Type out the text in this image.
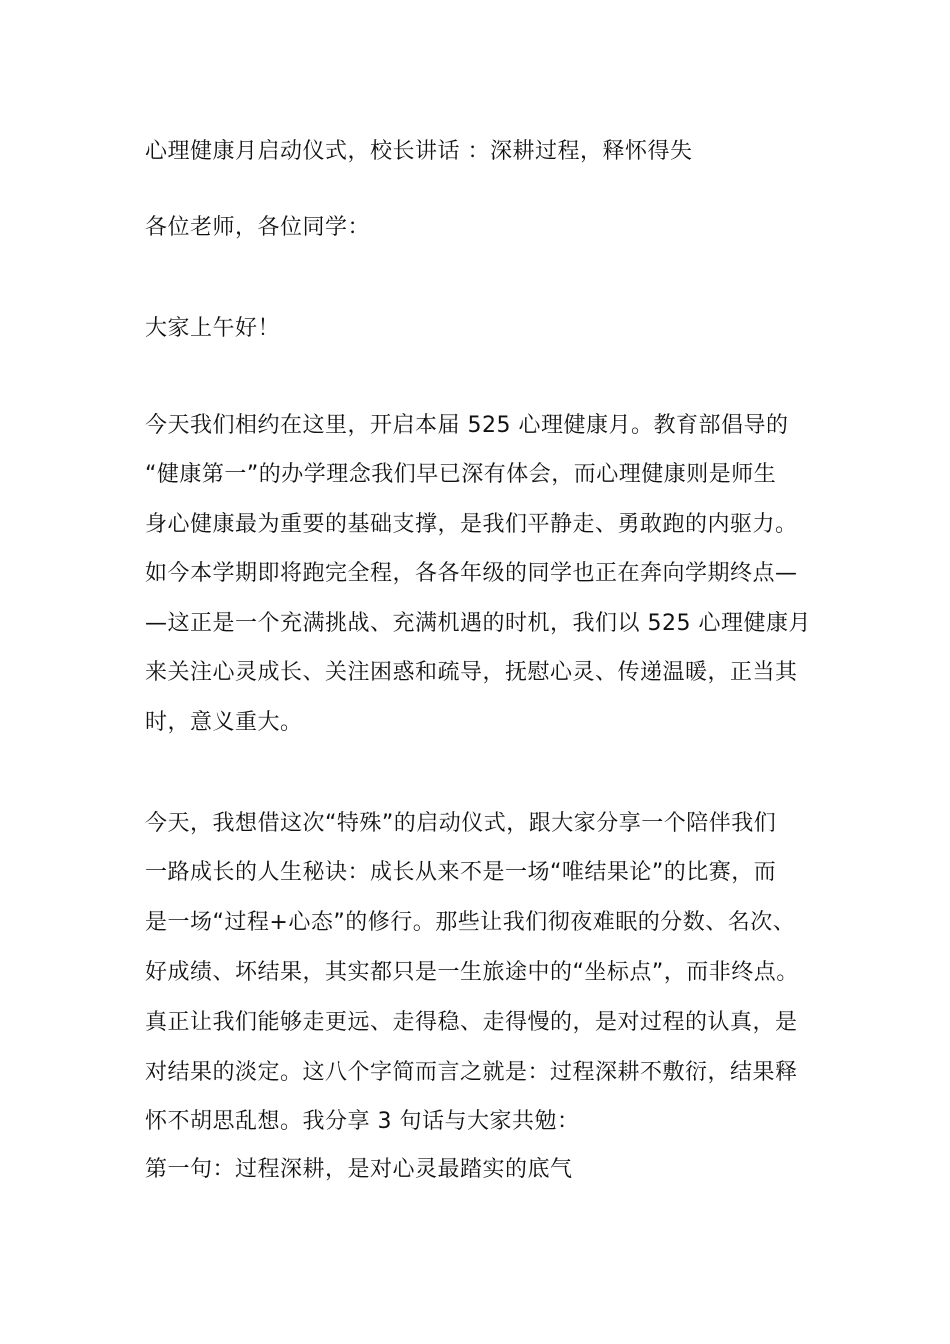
心理健康月启动仪式，校长讲话 ：深耕过程，释怀得失
各位老师，各位同学：
大家上午好！
今天我们相约在这里，开启本届 525 心理健康月。教育部倡导的
“健康第一”的办学理念我们早已深有体会，而心理健康则是师生
身心健康最为重要的基础支撑，是我们平静走、勇敢跑的内驱力。
如今本学期即将跑完全程，各各年级的同学也正在奔向学期终点—
—这正是一个充满挑战、充满机遇的时机，我们以 525 心理健康月
来关注心灵成长、关注困惑和疏导，抚慰心灵、传递温暖，正当其
时，意义重大。
今天，我想借这次“特殊”的启动仪式，跟大家分享一个陪伴我们
一路成长的人生秘诀：成长从来不是一场“唯结果论”的比赛，而
是一场“过程+心态”的修行。那些让我们彻夜难眠的分数、名次、
好成绩、坏结果，其实都只是一生旅途中的“坐标点”，而非终点。
真正让我们能够走更远、走得稳、走得慢的，是对过程的认真，是
对结果的淡定。这八个字简而言之就是：过程深耕不敷衍，结果释
怀不胡思乱想。我分享 3 句话与大家共勉：
第一句：过程深耕，是对心灵最踏实的底气
